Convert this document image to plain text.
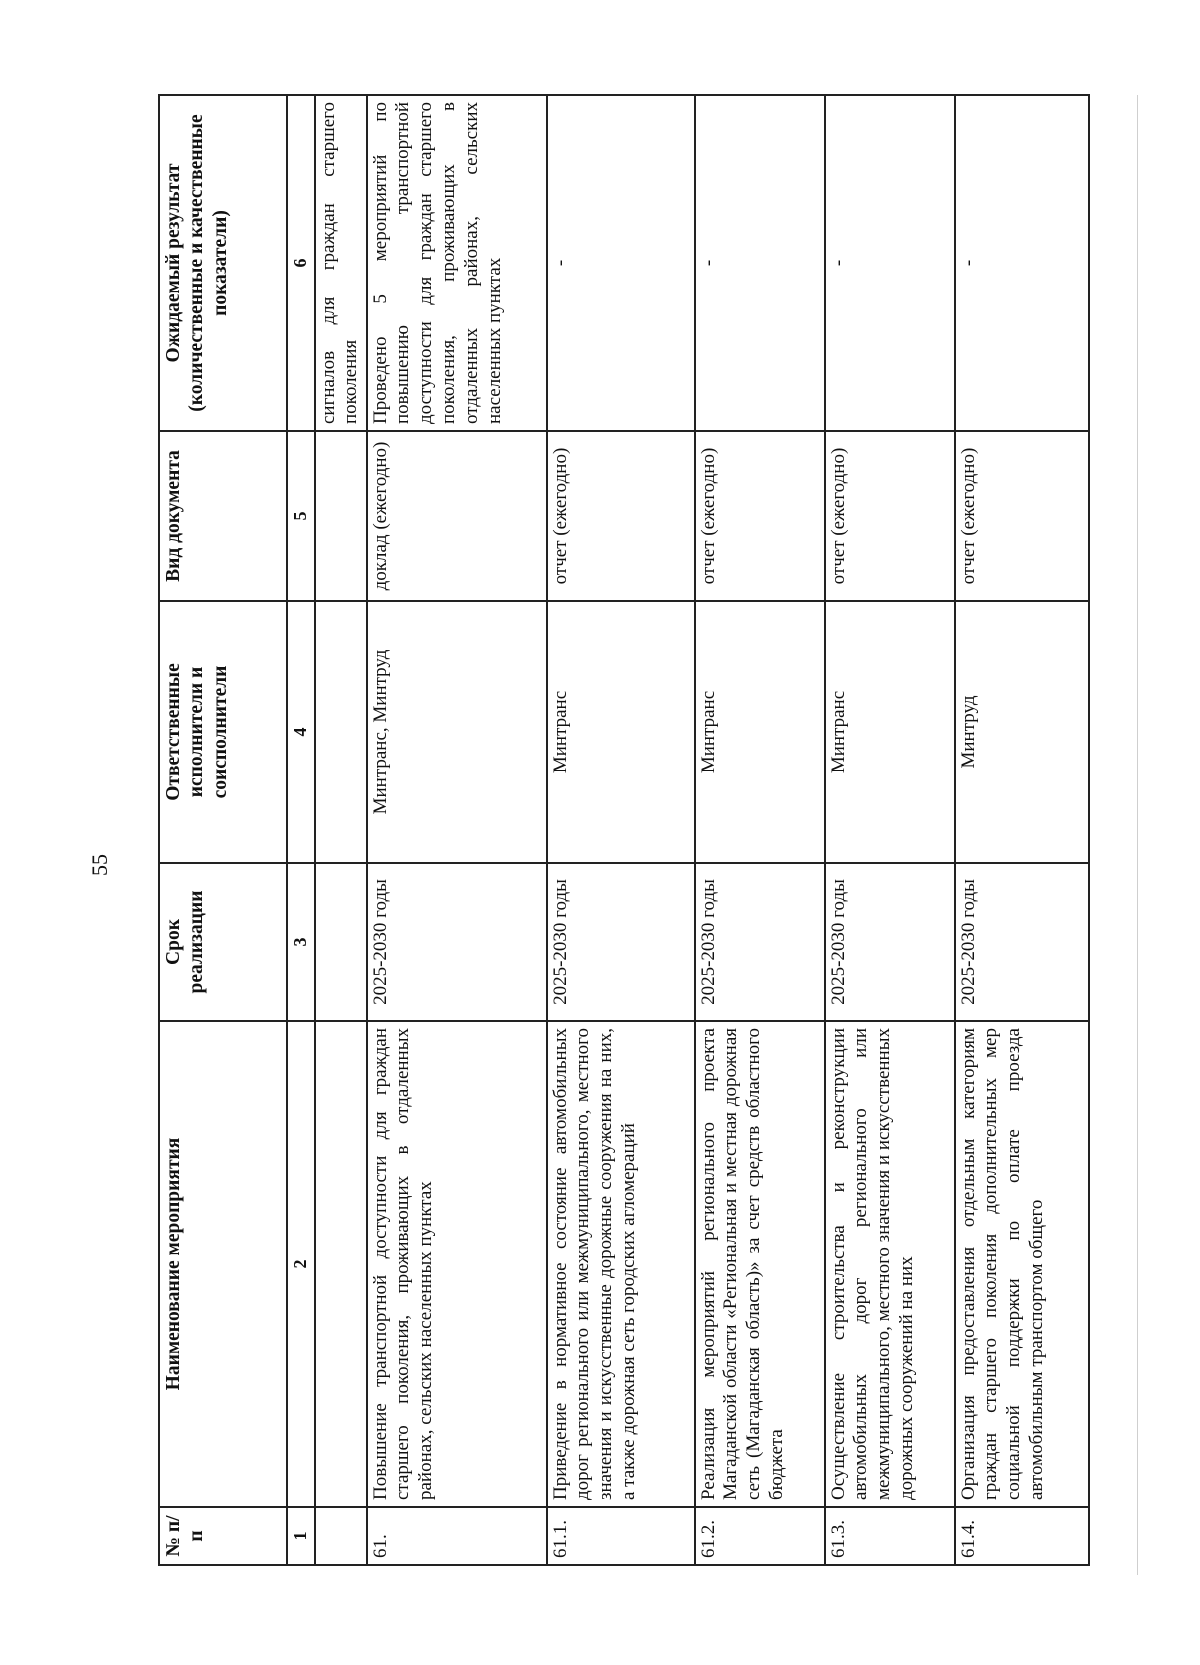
55
№ п/п	Наименование мероприятия	Срок реализации	Ответственные исполнители и соисполнители	Вид документа	Ожидаемый результат (количественные и качественные показатели)
1	2	3	4	5	6
					сигналов для граждан старшего поколения
61.	Повышение транспортной доступности для граждан старшего поколения, проживающих в отдаленных районах, сельских населенных пунктах	2025-2030 годы	Минтранс, Минтруд	доклад (ежегодно)	Проведено 5 мероприятий по повышению транспортной доступности для граждан старшего поколения, проживающих в отдаленных районах, сельских населенных пунктах
61.1.	Приведение в нормативное состояние автомобильных дорог регионального или межмуниципального, местного значения и искусственные дорожные сооружения на них, а также дорожная сеть городских агломераций	2025-2030 годы	Минтранс	отчет (ежегодно)	-
61.2.	Реализация мероприятий регионального проекта Магаданской области «Региональная и местная дорожная сеть (Магаданская область)» за счет средств областного бюджета	2025-2030 годы	Минтранс	отчет (ежегодно)	-
61.3.	Осуществление строительства и реконструкции автомобильных дорог регионального или межмуниципального, местного значения и искусственных дорожных сооружений на них	2025-2030 годы	Минтранс	отчет (ежегодно)	-
61.4.	Организация предоставления отдельным категориям граждан старшего поколения дополнительных мер социальной поддержки по оплате проезда автомобильным транспортом общего	2025-2030 годы	Минтруд	отчет (ежегодно)	-
